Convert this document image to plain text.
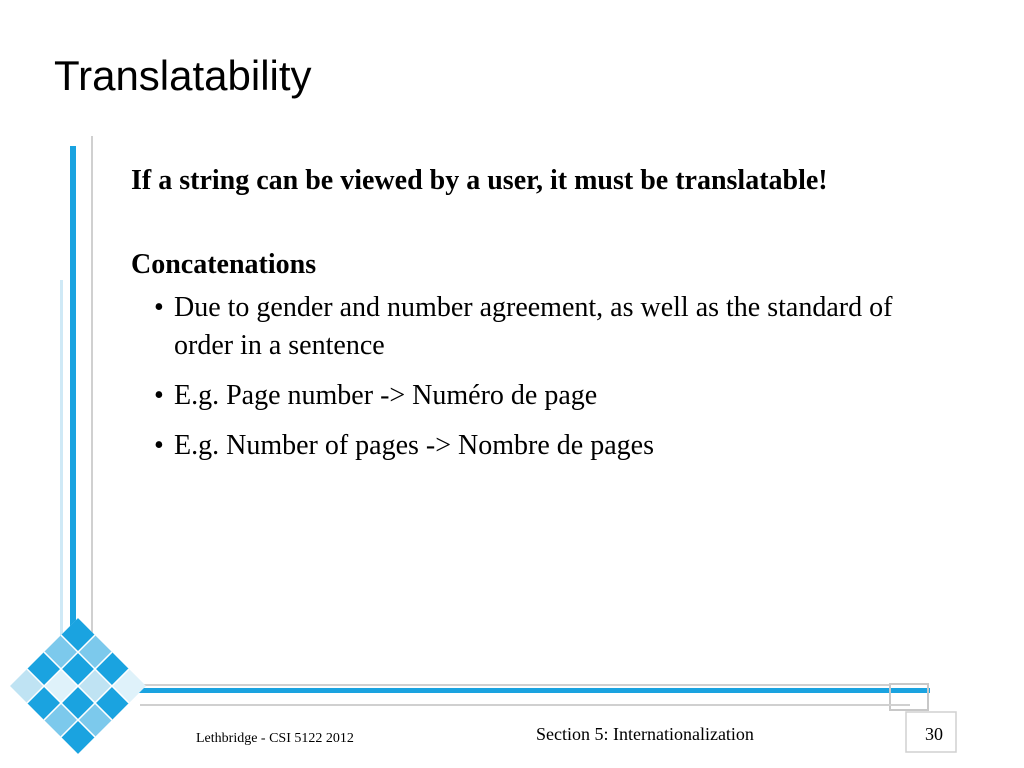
Translatability

If a string can be viewed by a user, it must be translatable!

Concatenations
• Due to gender and number agreement, as well as the standard of order in a sentence
• E.g. Page number -> Numéro de page
• E.g. Number of pages -> Nombre de pages
Lethbridge - CSI 5122 2012	Section 5: Internationalization	30
